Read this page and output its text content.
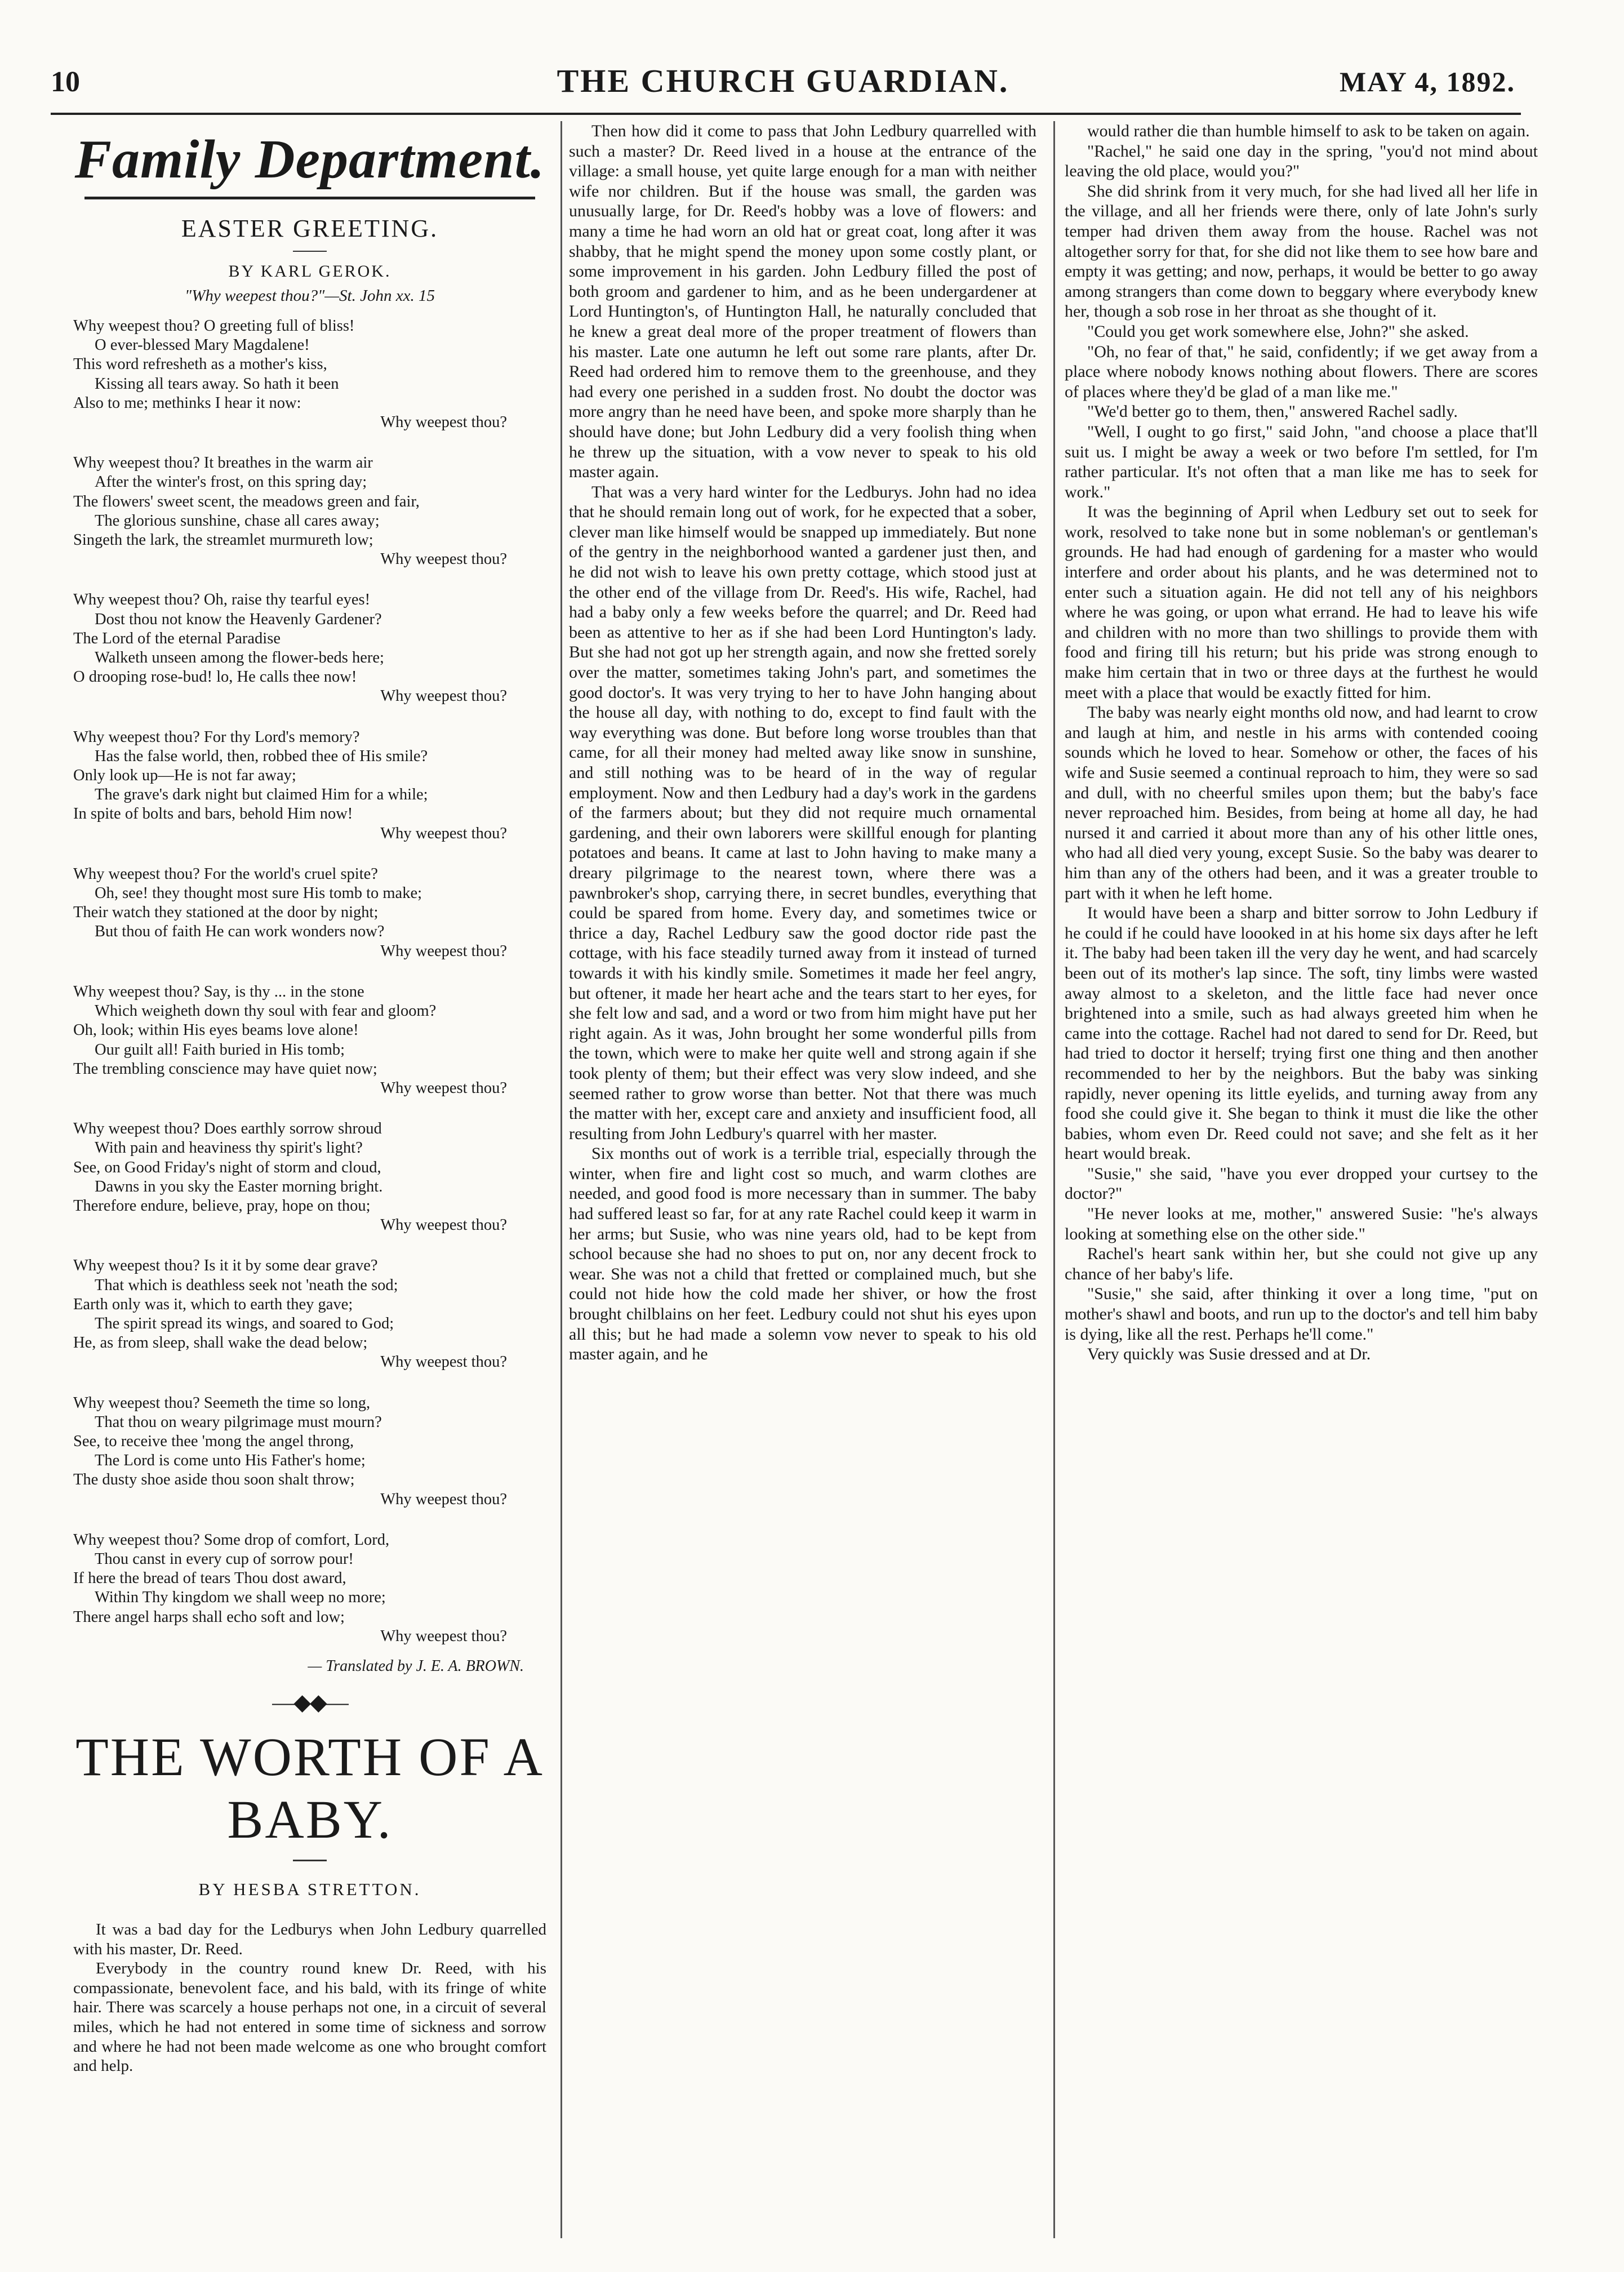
10	THE CHURCH GUARDIAN.	MAY 4, 1892.
Family Department.
EASTER GREETING.
BY KARL GEROK.
"Why weepest thou?"—St. John xx. 15

Why weepest thou? O greeting full of bliss!

O ever-blessed Mary Magdalene!

This word refresheth as a mother's kiss,

Kissing all tears away. So hath it been

Also to me; methinks I hear it now:

Why weepest thou?

Why weepest thou? It breathes in the warm air

After the winter's frost, on this spring day;

The flowers' sweet scent, the meadows green and fair,

The glorious sunshine, chase all cares away;

Singeth the lark, the streamlet murmureth low;

Why weepest thou?

Why weepest thou? Oh, raise thy tearful eyes!

Dost thou not know the Heavenly Gardener?

The Lord of the eternal Paradise

Walketh unseen among the flower-beds here;

O drooping rose-bud! lo, He calls thee now!

Why weepest thou?

Why weepest thou? For thy Lord's memory?

Has the false world, then, robbed thee of His smile?

Only look up—He is not far away;

The grave's dark night but claimed Him for a while;

In spite of bolts and bars, behold Him now!

Why weepest thou?

Why weepest thou? For the world's cruel spite?

Oh, see! they thought most sure His tomb to make;

Their watch they stationed at the door by night;

But thou of faith He can work wonders now?

Why weepest thou?

Why weepest thou? Say, is thy ... in the stone

Which weigheth down thy soul with fear and gloom?

Oh, look; within His eyes beams love alone!

Our guilt all! Faith buried in His tomb;

The trembling conscience may have quiet now;

Why weepest thou?

Why weepest thou? Does earthly sorrow shroud

With pain and heaviness thy spirit's light?

See, on Good Friday's night of storm and cloud,

Dawns in you sky the Easter morning bright.

Therefore endure, believe, pray, hope on thou;

Why weepest thou?

Why weepest thou? Is it it by some dear grave?

That which is deathless seek not 'neath the sod;

Earth only was it, which to earth they gave;

The spirit spread its wings, and soared to God;

He, as from sleep, shall wake the dead below;

Why weepest thou?

Why weepest thou? Seemeth the time so long,

That thou on weary pilgrimage must mourn?

See, to receive thee 'mong the angel throng,

The Lord is come unto His Father's home;

The dusty shoe aside thou soon shalt throw;

Why weepest thou?

Why weepest thou? Some drop of comfort, Lord,

Thou canst in every cup of sorrow pour!

If here the bread of tears Thou dost award,

Within Thy kingdom we shall weep no more;

There angel harps shall echo soft and low;

Why weepest thou?

— Translated by J. E. A. BROWN.
—◆◆—
THE WORTH OF A BABY.
BY HESBA STRETTON.

It was a bad day for the Ledburys when John Ledbury quarrelled with his master, Dr. Reed.

Everybody in the country round knew Dr. Reed, with his compassionate, benevolent face, and his bald, with its fringe of white hair. There was scarcely a house perhaps not one, in a circuit of several miles, which he had not entered in some time of sickness and sorrow and where he had not been made welcome as one who brought comfort and help.

Then how did it come to pass that John Ledbury quarrelled with such a master? Dr. Reed lived in a house at the entrance of the village: a small house, yet quite large enough for a man with neither wife nor children. But if the house was small, the garden was unusually large, for Dr. Reed's hobby was a love of flowers: and many a time he had worn an old hat or great coat, long after it was shabby, that he might spend the money upon some costly plant, or some improvement in his garden. John Ledbury filled the post of both groom and gardener to him, and as he been undergardener at Lord Huntington's, of Huntington Hall, he naturally concluded that he knew a great deal more of the proper treatment of flowers than his master. Late one autumn he left out some rare plants, after Dr. Reed had ordered him to remove them to the greenhouse, and they had every one perished in a sudden frost. No doubt the doctor was more angry than he need have been, and spoke more sharply than he should have done; but John Ledbury did a very foolish thing when he threw up the situation, with a vow never to speak to his old master again.

That was a very hard winter for the Ledburys. John had no idea that he should remain long out of work, for he expected that a sober, clever man like himself would be snapped up immediately. But none of the gentry in the neighborhood wanted a gardener just then, and he did not wish to leave his own pretty cottage, which stood just at the other end of the village from Dr. Reed's. His wife, Rachel, had had a baby only a few weeks before the quarrel; and Dr. Reed had been as attentive to her as if she had been Lord Huntington's lady. But she had not got up her strength again, and now she fretted sorely over the matter, sometimes taking John's part, and sometimes the good doctor's. It was very trying to her to have John hanging about the house all day, with nothing to do, except to find fault with the way everything was done. But before long worse troubles than that came, for all their money had melted away like snow in sunshine, and still nothing was to be heard of in the way of regular employment. Now and then Ledbury had a day's work in the gardens of the farmers about; but they did not require much ornamental gardening, and their own laborers were skillful enough for planting potatoes and beans. It came at last to John having to make many a dreary pilgrimage to the nearest town, where there was a pawnbroker's shop, carrying there, in secret bundles, everything that could be spared from home. Every day, and sometimes twice or thrice a day, Rachel Ledbury saw the good doctor ride past the cottage, with his face steadily turned away from it instead of turned towards it with his kindly smile. Sometimes it made her feel angry, but oftener, it made her heart ache and the tears start to her eyes, for she felt low and sad, and a word or two from him might have put her right again. As it was, John brought her some wonderful pills from the town, which were to make her quite well and strong again if she took plenty of them; but their effect was very slow indeed, and she seemed rather to grow worse than better. Not that there was much the matter with her, except care and anxiety and insufficient food, all resulting from John Ledbury's quarrel with her master.

Six months out of work is a terrible trial, especially through the winter, when fire and light cost so much, and warm clothes are needed, and good food is more necessary than in summer. The baby had suffered least so far, for at any rate Rachel could keep it warm in her arms; but Susie, who was nine years old, had to be kept from school because she had no shoes to put on, nor any decent frock to wear. She was not a child that fretted or complained much, but she could not hide how the cold made her shiver, or how the frost brought chilblains on her feet. Ledbury could not shut his eyes upon all this; but he had made a solemn vow never to speak to his old master again, and he

would rather die than humble himself to ask to be taken on again.

"Rachel," he said one day in the spring, "you'd not mind about leaving the old place, would you?"

She did shrink from it very much, for she had lived all her life in the village, and all her friends were there, only of late John's surly temper had driven them away from the house. Rachel was not altogether sorry for that, for she did not like them to see how bare and empty it was getting; and now, perhaps, it would be better to go away among strangers than come down to beggary where everybody knew her, though a sob rose in her throat as she thought of it.

"Could you get work somewhere else, John?" she asked.

"Oh, no fear of that," he said, confidently; if we get away from a place where nobody knows nothing about flowers. There are scores of places where they'd be glad of a man like me."

"We'd better go to them, then," answered Rachel sadly.

"Well, I ought to go first," said John, "and choose a place that'll suit us. I might be away a week or two before I'm settled, for I'm rather particular. It's not often that a man like me has to seek for work."

It was the beginning of April when Ledbury set out to seek for work, resolved to take none but in some nobleman's or gentleman's grounds. He had had enough of gardening for a master who would interfere and order about his plants, and he was determined not to enter such a situation again. He did not tell any of his neighbors where he was going, or upon what errand. He had to leave his wife and children with no more than two shillings to provide them with food and firing till his return; but his pride was strong enough to make him certain that in two or three days at the furthest he would meet with a place that would be exactly fitted for him.

The baby was nearly eight months old now, and had learnt to crow and laugh at him, and nestle in his arms with contended cooing sounds which he loved to hear. Somehow or other, the faces of his wife and Susie seemed a continual reproach to him, they were so sad and dull, with no cheerful smiles upon them; but the baby's face never reproached him. Besides, from being at home all day, he had nursed it and carried it about more than any of his other little ones, who had all died very young, except Susie. So the baby was dearer to him than any of the others had been, and it was a greater trouble to part with it when he left home.

It would have been a sharp and bitter sorrow to John Ledbury if he could if he could have loooked in at his home six days after he left it. The baby had been taken ill the very day he went, and had scarcely been out of its mother's lap since. The soft, tiny limbs were wasted away almost to a skeleton, and the little face had never once brightened into a smile, such as had always greeted him when he came into the cottage. Rachel had not dared to send for Dr. Reed, but had tried to doctor it herself; trying first one thing and then another recommended to her by the neighbors. But the baby was sinking rapidly, never opening its little eyelids, and turning away from any food she could give it. She began to think it must die like the other babies, whom even Dr. Reed could not save; and she felt as it her heart would break.

"Susie," she said, "have you ever dropped your curtsey to the doctor?"

"He never looks at me, mother," answered Susie: "he's always looking at something else on the other side."

Rachel's heart sank within her, but she could not give up any chance of her baby's life.

"Susie," she said, after thinking it over a long time, "put on mother's shawl and boots, and run up to the doctor's and tell him baby is dying, like all the rest. Perhaps he'll come."

Very quickly was Susie dressed and at Dr.
